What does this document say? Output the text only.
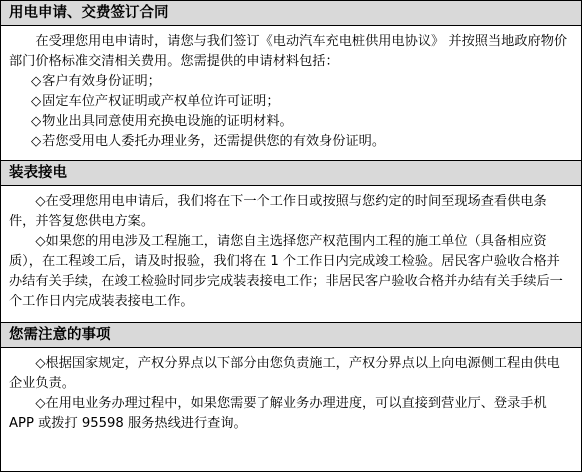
用电申请、交费签订合同

在受理您用电申请时，请您与我们签订《电动汽车充电桩供用电协议》 并按照当地政府物价部门价格标准交清相关费用。您需提供的申请材料包括：

◇客户有效身份证明；

◇固定车位产权证明或产权单位许可证明；

◇物业出具同意使用充换电设施的证明材料。

◇若您受用电人委托办理业务，还需提供您的有效身份证明。

装表接电

◇在受理您用电申请后，我们将在下一个工作日或按照与您约定的时间至现场查看供电条件，并答复您供电方案。

◇如果您的用电涉及工程施工，请您自主选择您产权范围内工程的施工单位（具备相应资质），在工程竣工后，请及时报验，我们将在 1 个工作日内完成竣工检验。居民客户验收合格并办结有关手续，在竣工检验时同步完成装表接电工作；非居民客户验收合格并办结有关手续后一个工作日内完成装表接电工作。

您需注意的事项

◇根据国家规定，产权分界点以下部分由您负责施工，产权分界点以上向电源侧工程由供电企业负责。

◇在用电业务办理过程中，如果您需要了解业务办理进度，可以直接到营业厅、登录手机 APP 或拨打 95598 服务热线进行查询。
